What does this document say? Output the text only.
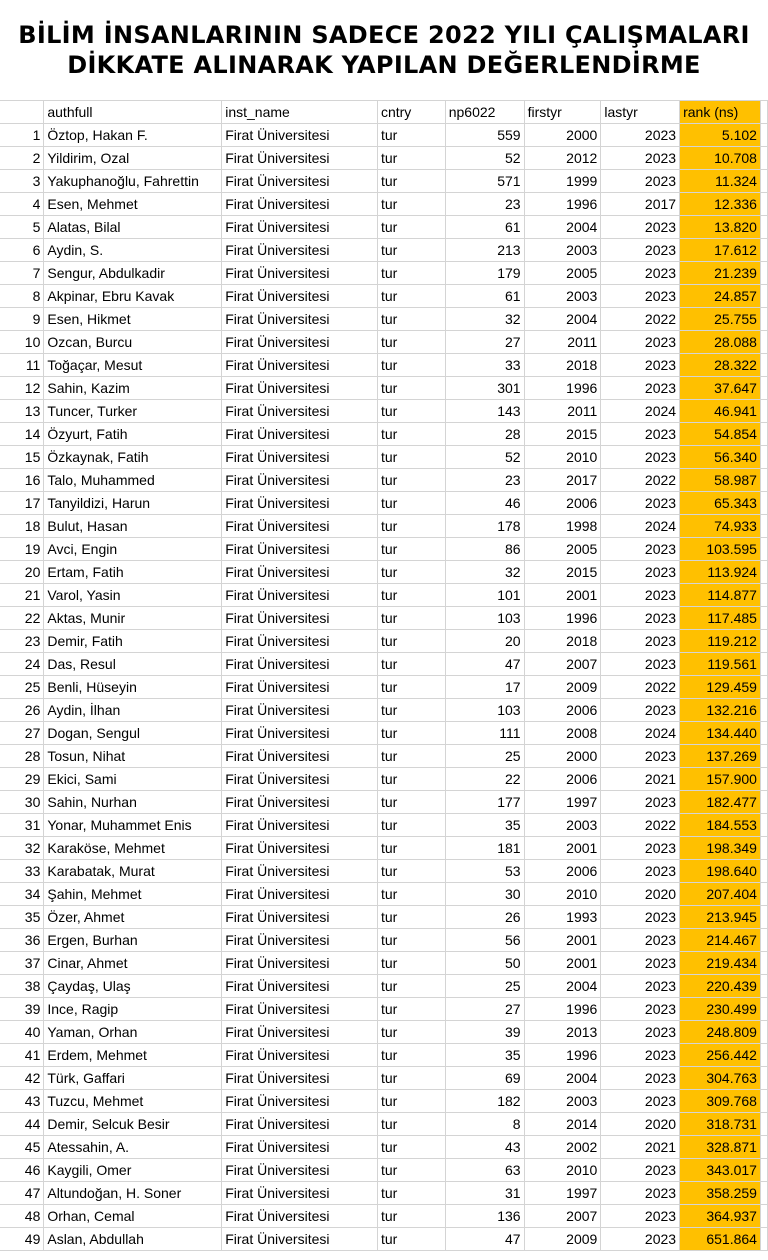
BİLİM İNSANLARININ SADECE 2022 YILI ÇALIŞMALARI
DİKKATE ALINARAK YAPILAN DEĞERLENDİRME
	authfull	inst_name	cntry	np6022	firstyr	lastyr	rank (ns)	
1	Öztop, Hakan F.	Firat Üniversitesi	tur	559	2000	2023	5.102	
2	Yildirim, Ozal	Firat Üniversitesi	tur	52	2012	2023	10.708	
3	Yakuphanoğlu, Fahrettin	Firat Üniversitesi	tur	571	1999	2023	11.324	
4	Esen, Mehmet	Firat Üniversitesi	tur	23	1996	2017	12.336	
5	Alatas, Bilal	Firat Üniversitesi	tur	61	2004	2023	13.820	
6	Aydin, S.	Firat Üniversitesi	tur	213	2003	2023	17.612	
7	Sengur, Abdulkadir	Firat Üniversitesi	tur	179	2005	2023	21.239	
8	Akpinar, Ebru Kavak	Firat Üniversitesi	tur	61	2003	2023	24.857	
9	Esen, Hikmet	Firat Üniversitesi	tur	32	2004	2022	25.755	
10	Ozcan, Burcu	Firat Üniversitesi	tur	27	2011	2023	28.088	
11	Toğaçar, Mesut	Firat Üniversitesi	tur	33	2018	2023	28.322	
12	Sahin, Kazim	Firat Üniversitesi	tur	301	1996	2023	37.647	
13	Tuncer, Turker	Firat Üniversitesi	tur	143	2011	2024	46.941	
14	Özyurt, Fatih	Firat Üniversitesi	tur	28	2015	2023	54.854	
15	Özkaynak, Fatih	Firat Üniversitesi	tur	52	2010	2023	56.340	
16	Talo, Muhammed	Firat Üniversitesi	tur	23	2017	2022	58.987	
17	Tanyildizi, Harun	Firat Üniversitesi	tur	46	2006	2023	65.343	
18	Bulut, Hasan	Firat Üniversitesi	tur	178	1998	2024	74.933	
19	Avci, Engin	Firat Üniversitesi	tur	86	2005	2023	103.595	
20	Ertam, Fatih	Firat Üniversitesi	tur	32	2015	2023	113.924	
21	Varol, Yasin	Firat Üniversitesi	tur	101	2001	2023	114.877	
22	Aktas, Munir	Firat Üniversitesi	tur	103	1996	2023	117.485	
23	Demir, Fatih	Firat Üniversitesi	tur	20	2018	2023	119.212	
24	Das, Resul	Firat Üniversitesi	tur	47	2007	2023	119.561	
25	Benli, Hüseyin	Firat Üniversitesi	tur	17	2009	2022	129.459	
26	Aydin, İlhan	Firat Üniversitesi	tur	103	2006	2023	132.216	
27	Dogan, Sengul	Firat Üniversitesi	tur	111	2008	2024	134.440	
28	Tosun, Nihat	Firat Üniversitesi	tur	25	2000	2023	137.269	
29	Ekici, Sami	Firat Üniversitesi	tur	22	2006	2021	157.900	
30	Sahin, Nurhan	Firat Üniversitesi	tur	177	1997	2023	182.477	
31	Yonar, Muhammet Enis	Firat Üniversitesi	tur	35	2003	2022	184.553	
32	Karaköse, Mehmet	Firat Üniversitesi	tur	181	2001	2023	198.349	
33	Karabatak, Murat	Firat Üniversitesi	tur	53	2006	2023	198.640	
34	Şahin, Mehmet	Firat Üniversitesi	tur	30	2010	2020	207.404	
35	Özer, Ahmet	Firat Üniversitesi	tur	26	1993	2023	213.945	
36	Ergen, Burhan	Firat Üniversitesi	tur	56	2001	2023	214.467	
37	Cinar, Ahmet	Firat Üniversitesi	tur	50	2001	2023	219.434	
38	Çaydaş, Ulaş	Firat Üniversitesi	tur	25	2004	2023	220.439	
39	Ince, Ragip	Firat Üniversitesi	tur	27	1996	2023	230.499	
40	Yaman, Orhan	Firat Üniversitesi	tur	39	2013	2023	248.809	
41	Erdem, Mehmet	Firat Üniversitesi	tur	35	1996	2023	256.442	
42	Türk, Gaffari	Firat Üniversitesi	tur	69	2004	2023	304.763	
43	Tuzcu, Mehmet	Firat Üniversitesi	tur	182	2003	2023	309.768	
44	Demir, Selcuk Besir	Firat Üniversitesi	tur	8	2014	2020	318.731	
45	Atessahin, A.	Firat Üniversitesi	tur	43	2002	2021	328.871	
46	Kaygili, Omer	Firat Üniversitesi	tur	63	2010	2023	343.017	
47	Altundoğan, H. Soner	Firat Üniversitesi	tur	31	1997	2023	358.259	
48	Orhan, Cemal	Firat Üniversitesi	tur	136	2007	2023	364.937	
49	Aslan, Abdullah	Firat Üniversitesi	tur	47	2009	2023	651.864	
